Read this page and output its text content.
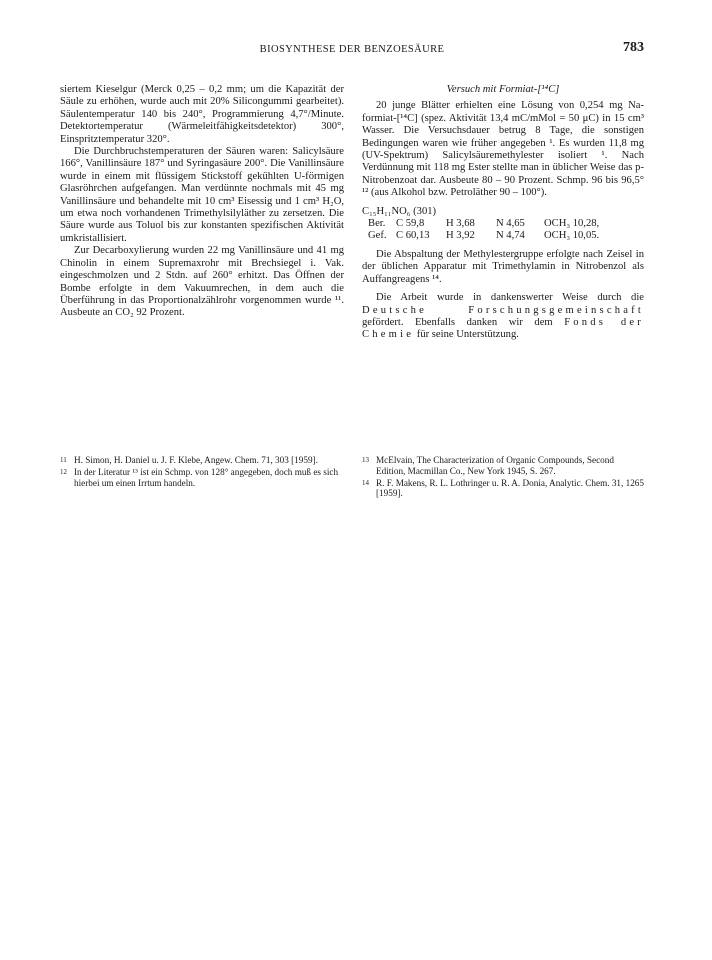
BIOSYNTHESE DER BENZOESÄURE	783

siertem Kieselgur (Merck 0,25 – 0,2 mm; um die Kapazität der Säule zu erhöhen, wurde auch mit 20% Silicongummi gearbeitet). Säulentemperatur 140 bis 240°, Programmierung 4,7°/Minute. Detektortemperatur (Wärmeleitfähigkeitsdetektor) 300°, Einspritztemperatur 320°.

Die Durchbruchstemperaturen der Säuren waren: Salicylsäure 166°, Vanillinsäure 187° und Syringasäure 200°. Die Vanillinsäure wurde in einem mit flüssigem Stickstoff gekühlten U-förmigen Glasröhrchen aufgefangen. Man verdünnte nochmals mit 45 mg Vanillinsäure und behandelte mit 10 cm³ Eisessig und 1 cm³ H₂O, um etwa noch vorhandenen Trimethylsilyläther zu zersetzen. Die Säure wurde aus Toluol bis zur konstanten spezifischen Aktivität umkristallisiert.

Zur Decarboxylierung wurden 22 mg Vanillinsäure und 41 mg Chinolin in einem Supremaxrohr mit Brechsiegel i. Vak. eingeschmolzen und 2 Stdn. auf 260° erhitzt. Das Öffnen der Bombe erfolgte in dem Vakuumrechen, in dem auch die Überführung in das Proportionalzählrohr vorgenommen wurde ¹¹. Ausbeute an CO₂ 92 Prozent.

Versuch mit Formiat-[¹⁴C]

20 junge Blätter erhielten eine Lösung von 0,254 mg Na-formiat-[¹⁴C] (spez. Aktivität 13,4 mC/mMol = 50 μC) in 15 cm³ Wasser. Die Versuchsdauer betrug 8 Tage, die sonstigen Bedingungen waren wie früher angegeben ¹. Es wurden 11,8 mg (UV-Spektrum) Salicylsäuremethylester isoliert ¹. Nach Verdünnung mit 118 mg Ester stellte man in üblicher Weise das p-Nitrobenzoat dar. Ausbeute 80 – 90 Prozent. Schmp. 96 bis 96,5° ¹² (aus Alkohol bzw. Petroläther 90 – 100°).

C₁₅H₁₁NO₆ (301)
Ber.	C 59,8	H 3,68	N 4,65	OCH₃ 10,28,
Gef. C 60,13	H 3,92	N 4,74	OCH₃ 10,05.

Die Abspaltung der Methylestergruppe erfolgte nach Zeisel in der üblichen Apparatur mit Trimethylamin in Nitrobenzol als Auffangreagens ¹⁴.

Die Arbeit wurde in dankenswerter Weise durch die Deutsche Forschungsgemeinschaft gefördert. Ebenfalls danken wir dem Fonds der Chemie für seine Unterstützung.

11 H. Simon, H. Daniel u. J. F. Klebe, Angew. Chem. 71, 303 [1959].
12 In der Literatur ¹³ ist ein Schmp. von 128° angegeben, doch muß es sich hierbei um einen Irrtum handeln.
13 McElvain, The Characterization of Organic Compounds, Second Edition, Macmillan Co., New York 1945, S. 267.
14 R. F. Makens, R. L. Lothringer u. R. A. Donia, Analytic. Chem. 31, 1265 [1959].
